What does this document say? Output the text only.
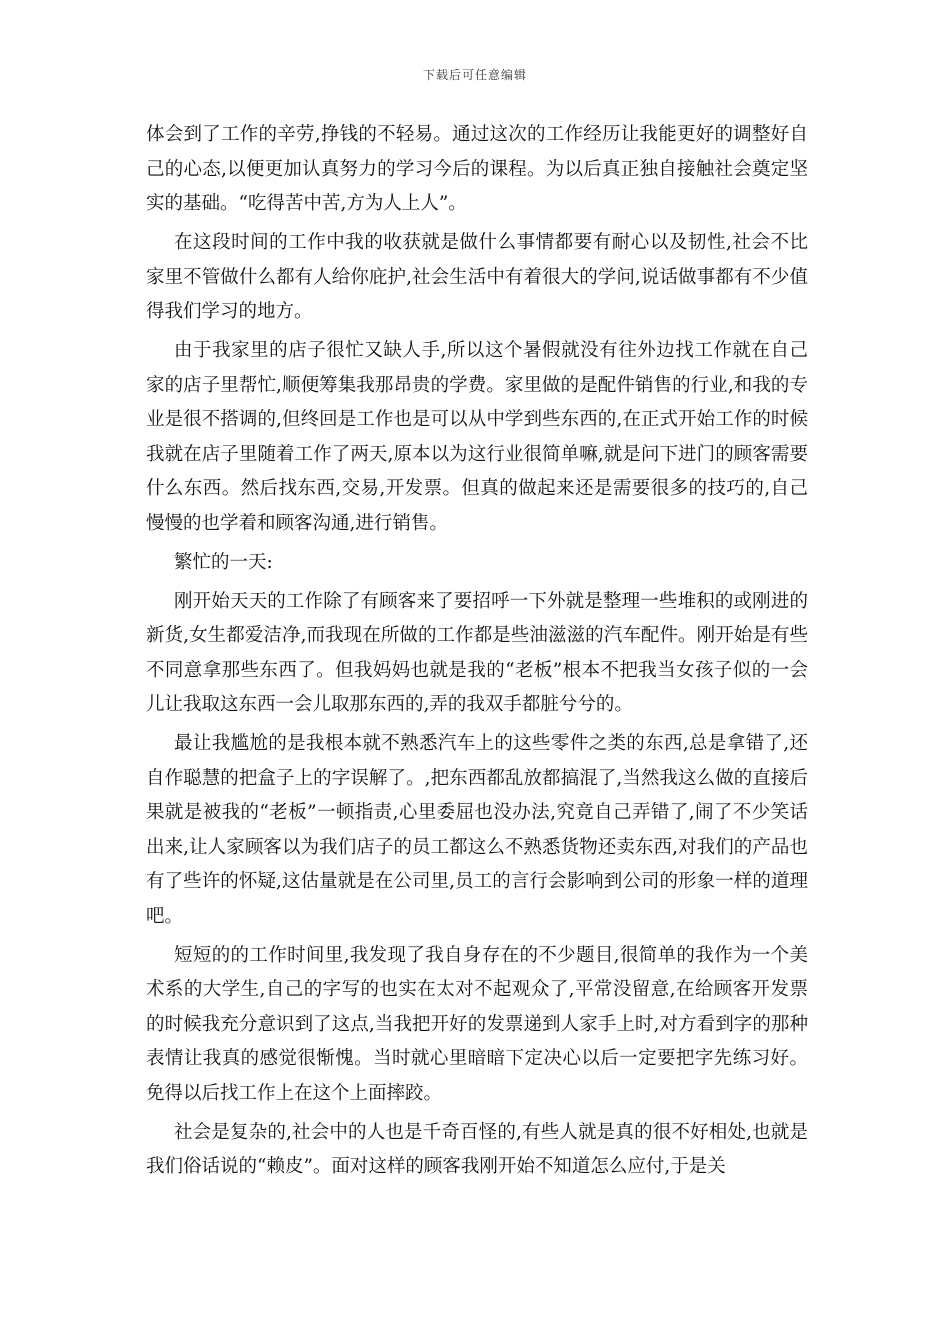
下载后可任意编辑

体会到了工作的辛劳,挣钱的不轻易。通过这次的工作经历让我能更好的调整好自己的心态,以便更加认真努力的学习今后的课程。为以后真正独自接触社会奠定坚实的基础。“吃得苦中苦,方为人上人”。

在这段时间的工作中我的收获就是做什么事情都要有耐心以及韧性,社会不比家里不管做什么都有人给你庇护,社会生活中有着很大的学问,说话做事都有不少值得我们学习的地方。

由于我家里的店子很忙又缺人手,所以这个暑假就没有往外边找工作就在自己家的店子里帮忙,顺便筹集我那昂贵的学费。家里做的是配件销售的行业,和我的专业是很不搭调的,但终回是工作也是可以从中学到些东西的,在正式开始工作的时候我就在店子里随着工作了两天,原本以为这行业很简单嘛,就是问下进门的顾客需要什么东西。然后找东西,交易,开发票。但真的做起来还是需要很多的技巧的,自己慢慢的也学着和顾客沟通,进行销售。

繁忙的一天:

刚开始天天的工作除了有顾客来了要招呼一下外就是整理一些堆积的或刚进的新货,女生都爱洁净,而我现在所做的工作都是些油滋滋的汽车配件。刚开始是有些不同意拿那些东西了。但我妈妈也就是我的“老板”根本不把我当女孩子似的一会儿让我取这东西一会儿取那东西的,弄的我双手都脏兮兮的。

最让我尴尬的是我根本就不熟悉汽车上的这些零件之类的东西,总是拿错了,还自作聪慧的把盒子上的字误解了。,把东西都乱放都搞混了,当然我这么做的直接后果就是被我的“老板”一顿指责,心里委屈也没办法,究竟自己弄错了,闹了不少笑话出来,让人家顾客以为我们店子的员工都这么不熟悉货物还卖东西,对我们的产品也有了些许的怀疑,这估量就是在公司里,员工的言行会影响到公司的形象一样的道理吧。

短短的的工作时间里,我发现了我自身存在的不少题目,很简单的我作为一个美术系的大学生,自己的字写的也实在太对不起观众了,平常没留意,在给顾客开发票的时候我充分意识到了这点,当我把开好的发票递到人家手上时,对方看到字的那种表情让我真的感觉很惭愧。当时就心里暗暗下定决心以后一定要把字先练习好。免得以后找工作上在这个上面摔跤。

社会是复杂的,社会中的人也是千奇百怪的,有些人就是真的很不好相处,也就是我们俗话说的“赖皮”。面对这样的顾客我刚开始不知道怎么应付,于是关
